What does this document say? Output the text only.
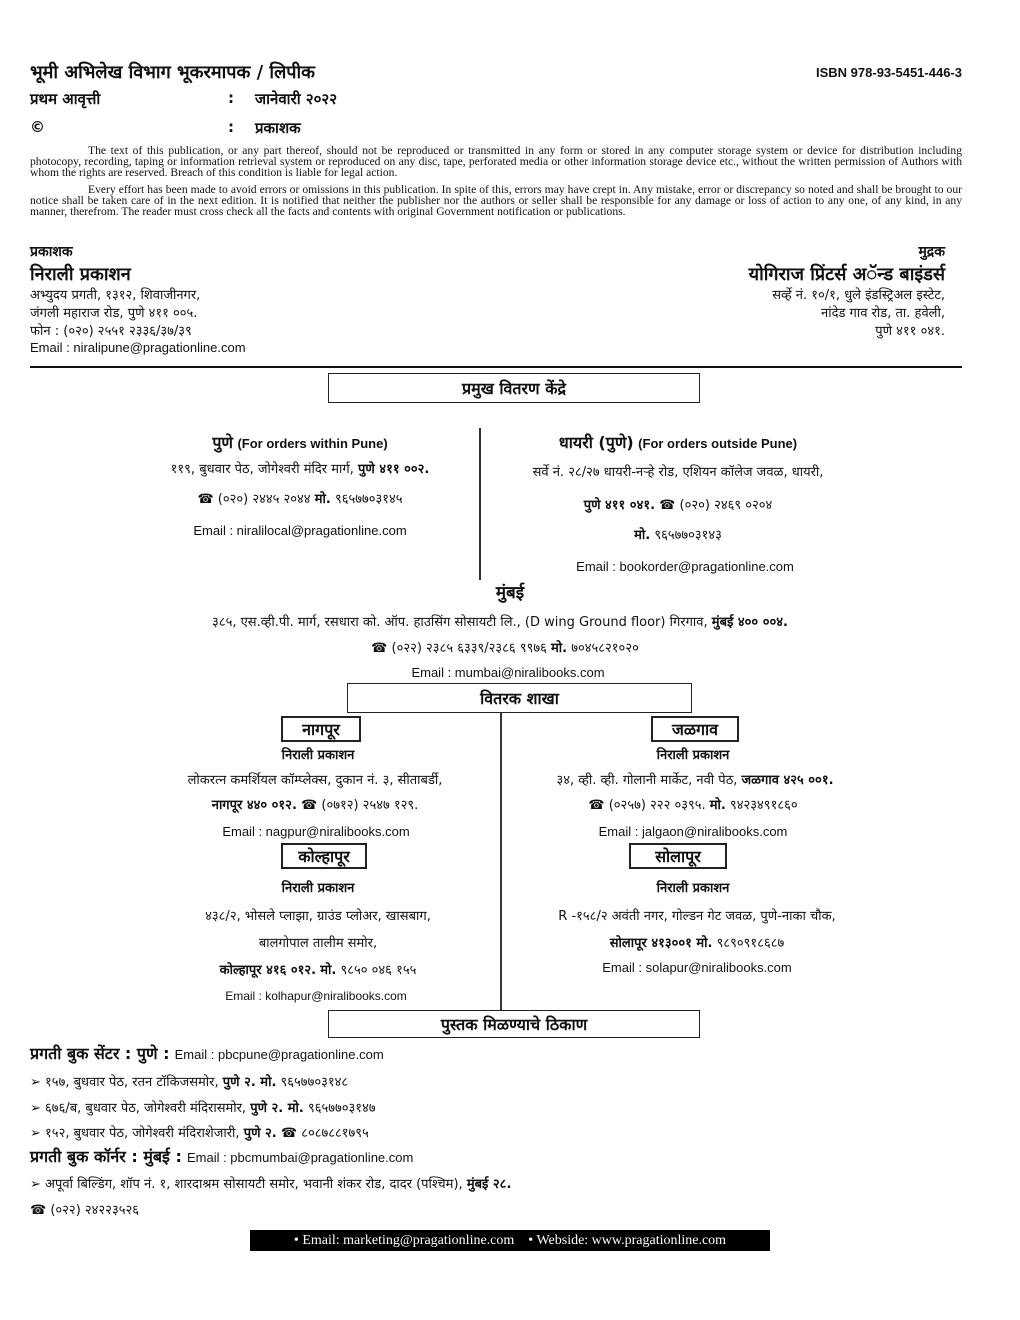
भूमी अभिलेख विभाग भूकरमापक / लिपीक	ISBN 978-93-5451-446-3
प्रथम आवृत्ती	: जानेवारी २०२२
©	: प्रकाशक
The text of this publication, or any part thereof, should not be reproduced or transmitted in any form or stored in any computer storage system or device for distribution including photocopy, recording, taping or information retrieval system or reproduced on any disc, tape, perforated media or other information storage device etc., without the written permission of Authors with whom the rights are reserved. Breach of this condition is liable for legal action.
Every effort has been made to avoid errors or omissions in this publication. In spite of this, errors may have crept in. Any mistake, error or discrepancy so noted and shall be brought to our notice shall be taken care of in the next edition. It is notified that neither the publisher nor the authors or seller shall be responsible for any damage or loss of action to any one, of any kind, in any manner, therefrom. The reader must cross check all the facts and contents with original Government notification or publications.
प्रकाशक
निराली प्रकाशन
अभ्युदय प्रगती, १३१२, शिवाजीनगर,
जंगली महाराज रोड, पुणे ४११ ००५.
फोन : (०२०) २५५१ २३३६/३७/३९
Email : niralipune@pragationline.com
मुद्रक
योगिराज प्रिंटर्स अॅन्ड बाइंडर्स
सर्व्हे नं. १०/१, धुले इंडस्ट्रिअल इस्टेट,
नांदेड गाव रोड, ता. हवेली,
पुणे ४११ ०४१.
प्रमुख वितरण केंद्रे
पुणे (For orders within Pune)
११९, बुधवार पेठ, जोगेश्वरी मंदिर मार्ग, पुणे ४११ ००२.
☎ (०२०) २४४५ २०४४ मो. ९६५७७०३१४५
Email : niralilocal@pragationline.com
धायरी (पुणे) (For orders outside Pune)
सर्वे नं. २८/२७ धायरी-नऱ्हे रोड, एशियन कॉलेज जवळ, धायरी,
पुणे ४११ ०४१. ☎ (०२०) २४६९ ०२०४
मो. ९६५७७०३१४३
Email : bookorder@pragationline.com
मुंबई
३८५, एस.व्ही.पी. मार्ग, रसधारा को. ऑप. हाउसिंग सोसायटी लि., (D wing Ground floor) गिरगाव, मुंबई ४०० ००४.
☎ (०२२) २३८५ ६३३९/२३८६ ९९७६ मो. ७०४५८२१०२०
Email : mumbai@niralibooks.com
वितरक शाखा
नागपूर
निराली प्रकाशन
लोकरत्न कमर्शियल कॉम्प्लेक्स, दुकान नं. ३, सीताबर्डी,
नागपूर ४४० ०१२. ☎ (०७१२) २५४७ १२९.
Email : nagpur@niralibooks.com
जळगाव
निराली प्रकाशन
३४, व्ही. व्ही. गोलानी मार्केट, नवी पेठ, जळगाव ४२५ ००१.
☎ (०२५७) २२२ ०३९५. मो. ९४२३४९१८६०
Email : jalgaon@niralibooks.com
कोल्हापूर
निराली प्रकाशन
४३८/२, भोसले प्लाझा, ग्राउंड प्लोअर, खासबाग,
बालगोपाल तालीम समोर,
कोल्हापूर ४१६ ०१२. मो. ९८५० ०४६ १५५
Email : kolhapur@niralibooks.com
सोलापूर
निराली प्रकाशन
R -१५८/२ अवंती नगर, गोल्डन गेट जवळ, पुणे-नाका चौक,
सोलापूर ४१३००१ मो. ९८९०९१८६८७
Email : solapur@niralibooks.com
पुस्तक मिळण्याचे ठिकाण
प्रगती बुक सेंटर : पुणे : Email : pbcpune@pragationline.com
➢ १५७, बुधवार पेठ, रतन टॉकिजसमोर, पुणे २. मो. ९६५७७०३१४८
➢ ६७६/ब, बुधवार पेठ, जोगेश्वरी मंदिरासमोर, पुणे २. मो. ९६५७७०३१४७
➢ १५२, बुधवार पेठ, जोगेश्वरी मंदिराशेजारी, पुणे २. ☎ ८०८७८८१७९५
प्रगती बुक कॉर्नर : मुंबई : Email : pbcmumbai@pragationline.com
➢ अपूर्वा बिल्डिंग, शॉप नं. १, शारदाश्रम सोसायटी समोर, भवानी शंकर रोड, दादर (पश्चिम), मुंबई २८.
☎ (०२२) २४२२३५२६
• Email: marketing@pragationline.com • Webside: www.pragationline.com
